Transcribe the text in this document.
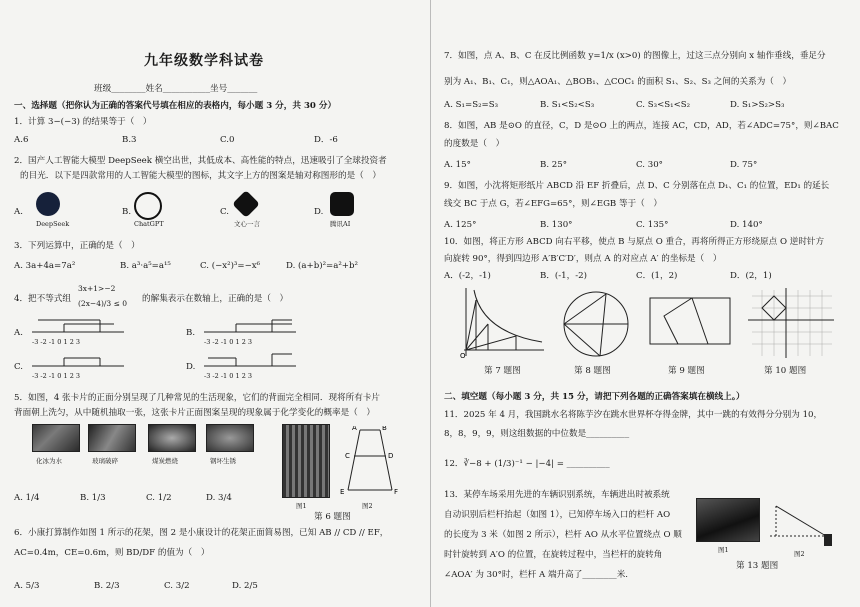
九年级数学科试卷
班级________姓名___________坐号_______
一、选择题（把你认为正确的答案代号填在相应的表格内，每小题 3 分，共 30 分）
1．计算 3−(−3) 的结果等于（　）
A.6	B.3	C.0	D．-6
2．国产人工智能大模型 DeepSeek 横空出世，其低成本、高性能的特点，迅速吸引了全球投资者
的目光．以下是四款常用的人工智能大模型的图标，其文字上方的图案是轴对称图形的是（　）
A.
DeepSeek
B.
ChatGPT
C.
文心一言
D.
腾讯AI
3．下列运算中，正确的是（　）
A. 3a+4a=7a²	B. a³·a⁵=a¹⁵	C. (−x²)³=−x⁶	D. (a+b)²=a²+b²
4．把不等式组
3x+1>−2
(2x−4)/3 ≤ 0 的解集表示在数轴上，正确的是（　）
A.	B.
C.	D.
-3 -2 -1 0 1 2 3	-3 -2 -1 0 1 2 3
-3 -2 -1 0 1 2 3	-3 -2 -1 0 1 2 3
5．如图，4 张卡片的正面分别呈现了几种常见的生活现象，它们的背面完全相同．现将所有卡片
背面朝上洗匀，从中随机抽取一张，这张卡片正面图案呈现的现象属于化学变化的概率是（　）
化冰为水	玻璃破碎	煤炭燃烧	钢坏生锈
A. 1/4	B. 1/3	C. 1/2	D. 3/4
A	B
C	D
E	F
图1	图2
第 6 题图
6．小康打算制作如图 1 所示的花架，图 2 是小康设计的花架正面简易图，已知 AB // CD // EF，
AC=0.4m，CE=0.6m，则 BD/DF 的值为（　）
A. 5/3	B. 2/3	C. 3/2	D. 2/5
7．如图，点 A、B、C 在反比例函数 y=1/x (x>0) 的图像上，过这三点分别向 x 轴作垂线，垂足分
别为 A₁、B₁、C₁，则△AOA₁、△BOB₁、△COC₁ 的面积 S₁、S₂、S₃ 之间的关系为（　）
A. S₁=S₂=S₃	B. S₁<S₂<S₃	C. S₃<S₁<S₂	D. S₁>S₂>S₃
8．如图，AB 是⊙O 的直径，C，D 是⊙O 上的两点，连接 AC，CD，AD，若∠ADC=75°，则∠BAC
的度数是（　）
A. 15°	B. 25°	C. 30°	D. 75°
9．如图，小沈将矩形纸片 ABCD 沿 EF 折叠后，点 D、C 分别落在点 D₁、C₁ 的位置，ED₁ 的延长
线交 BC 于点 G，若∠EFG=65°，则∠EGB 等于（　）
A. 125°	B. 130°	C. 135°	D. 140°
10．如图，将正方形 ABCD 向右平移，使点 B 与原点 O 重合，再将所得正方形绕原点 O 逆时针方
向旋转 90°，得到四边形 A′B′C′D′，则点 A 的对应点 A′ 的坐标是（　）
A．(-2，-1)	B．(-1，-2)	C．(1，2)	D．(2，1)
O
第 7 题图	第 8 题图	第 9 题图	第 10 题图
二、填空题（每小题 3 分，共 15 分，请把下列各题的正确答案填在横线上。）
11．2025 年 4 月，我国跳水名将陈芋汐在跳水世界杯夺得金牌，其中一跳的有效得分分别为 10，
8，8，9，9，则这组数据的中位数是__________
12．∛−8 + (1/3)⁻¹ − |−4| = __________
13．某停车场采用先进的车辆识别系统，车辆进出时被系统
自动识别后栏杆抬起（如图 1），已知停车场入口的栏杆 AO
的长度为 3 米（如图 2 所示），栏杆 AO 从水平位置绕点 O 顺
时针旋转到 A′O 的位置，在旋转过程中，当栏杆的旋转角
∠AOA′ 为 30°时，栏杆 A 端升高了________米.
图1	图2
第 13 题图
